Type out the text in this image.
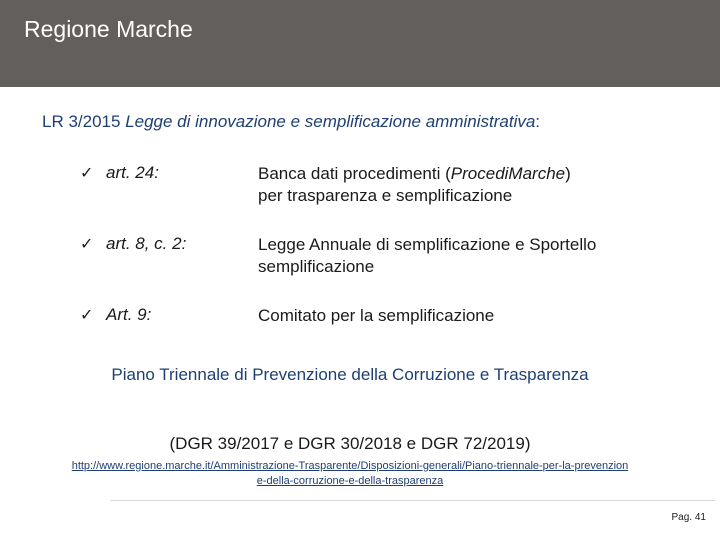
Regione Marche
LR 3/2015 Legge di innovazione e semplificazione amministrativa:
✓ art. 24:	Banca dati procedimenti (ProcediMarche) per trasparenza e semplificazione
✓ art. 8, c. 2:	Legge Annuale di semplificazione e Sportello semplificazione
✓ Art. 9:	Comitato per la semplificazione
Piano Triennale di Prevenzione della Corruzione e Trasparenza
(DGR 39/2017 e DGR 30/2018 e DGR 72/2019)
http://www.regione.marche.it/Amministrazione-Trasparente/Disposizioni-generali/Piano-triennale-per-la-prevenzione-della-corruzione-e-della-trasparenza
Pag. 41
